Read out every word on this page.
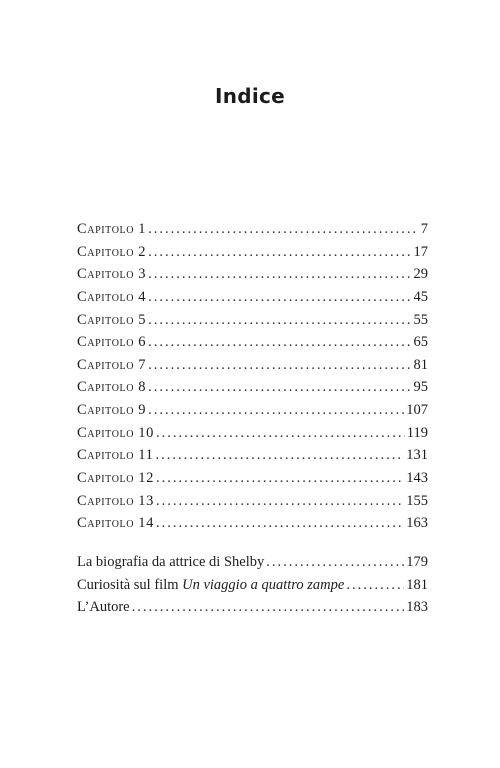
Indice
Capitolo 1 .....	7
Capitolo 2 .....	17
Capitolo 3 .....	29
Capitolo 4 .....	45
Capitolo 5 .....	55
Capitolo 6 .....	65
Capitolo 7 .....	81
Capitolo 8 .....	95
Capitolo 9 .....	107
Capitolo 10 .....	119
Capitolo 11 .....	131
Capitolo 12 .....	143
Capitolo 13 .....	155
Capitolo 14 .....	163
La biografia da attrice di Shelby .....	179
Curiosità sul film Un viaggio a quattro zampe .....	181
L’Autore .....	183
